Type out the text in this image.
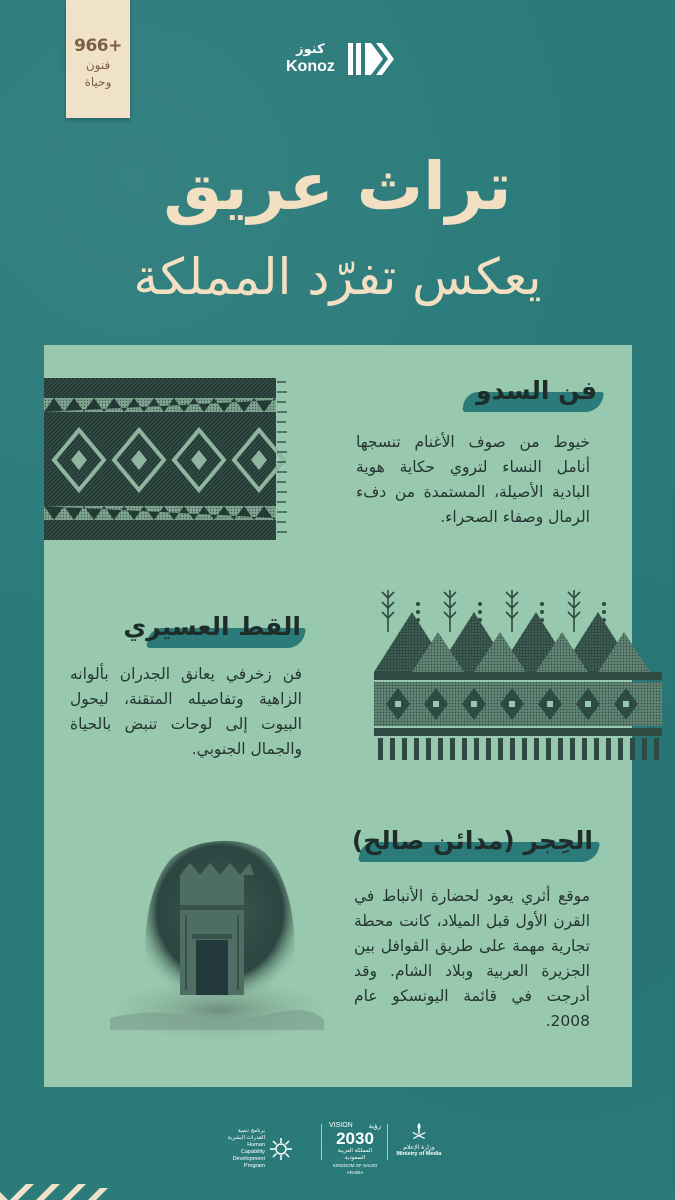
966+
فنون
وحياة
كنوز
Konoz
تراث عريق
يعكس تفرّد المملكة
فن السدو
خيوط من صوف الأغنام تنسجها أنامل النساء لتروي حكاية هوية البادية الأصيلة، المستمدة من دفء الرمال وصفاء الصحراء.
القط العسيري
فن زخرفي يعانق الجدران بألوانه الزاهية وتفاصيله المتقنة، ليحول البيوت إلى لوحات تنبض بالحياة والجمال الجنوبي.
الحِجر (مدائن صالح)
موقع أثري يعود لحضارة الأنباط في القرن الأول قبل الميلاد، كانت محطة تجارية مهمة على طريق القوافل بين الجزيرة العربية وبلاد الشام. وقد أدرجت في قائمة اليونسكو عام 2008.
برنامج تنمية القدرات البشرية
Human Capability Development Program
VISION رؤية
2030
المملكة العربية السعودية
KINGDOM OF SAUDI ARABIA
وزارة الإعلام
Ministry of Media
